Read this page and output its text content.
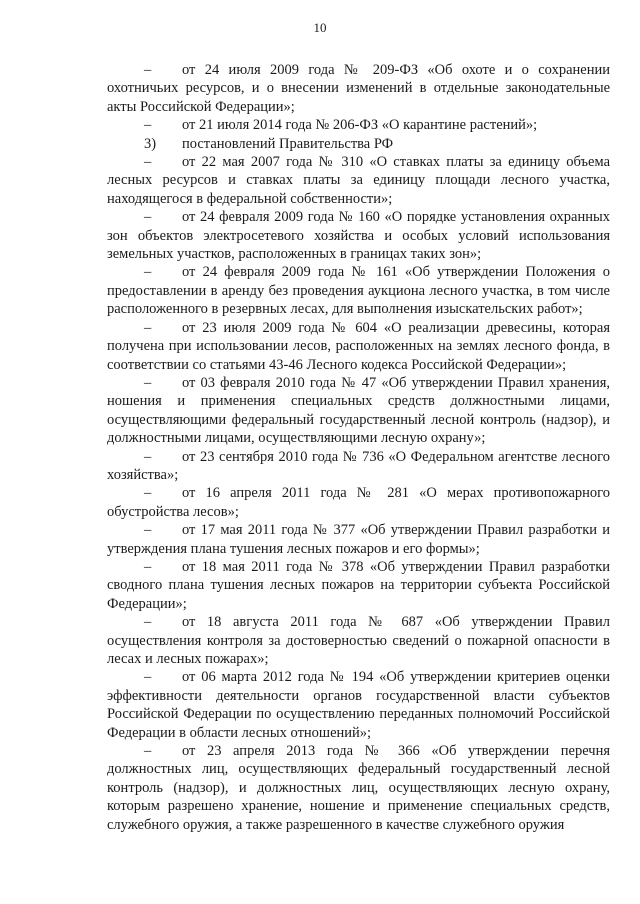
10

– от 24 июля 2009 года № 209-ФЗ «Об охоте и о сохранении охотничьих ресурсов, и о внесении изменений в отдельные законодательные акты Российской Федерации»;

– от 21 июля 2014 года № 206-ФЗ «О карантине растений»;

3) постановлений Правительства РФ

– от 22 мая 2007 года № 310 «О ставках платы за единицу объема лесных ресурсов и ставках платы за единицу площади лесного участка, находящегося в федеральной собственности»;

– от 24 февраля 2009 года № 160 «О порядке установления охранных зон объектов электросетевого хозяйства и особых условий использования земельных участков, расположенных в границах таких зон»;

– от 24 февраля 2009 года № 161 «Об утверждении Положения о предоставлении в аренду без проведения аукциона лесного участка, в том числе расположенного в резервных лесах, для выполнения изыскательских работ»;

– от 23 июля 2009 года № 604 «О реализации древесины, которая получена при использовании лесов, расположенных на землях лесного фонда, в соответствии со статьями 43-46 Лесного кодекса Российской Федерации»;

– от 03 февраля 2010 года № 47 «Об утверждении Правил хранения, ношения и применения специальных средств должностными лицами, осуществляющими федеральный государственный лесной контроль (надзор), и должностными лицами, осуществляющими лесную охрану»;

– от 23 сентября 2010 года № 736 «О Федеральном агентстве лесного хозяйства»;

– от 16 апреля 2011 года № 281 «О мерах противопожарного обустройства лесов»;

– от 17 мая 2011 года № 377 «Об утверждении Правил разработки и утверждения плана тушения лесных пожаров и его формы»;

– от 18 мая 2011 года № 378 «Об утверждении Правил разработки сводного плана тушения лесных пожаров на территории субъекта Российской Федерации»;

– от 18 августа 2011 года № 687 «Об утверждении Правил осуществления контроля за достоверностью сведений о пожарной опасности в лесах и лесных пожарах»;

– от 06 марта 2012 года № 194 «Об утверждении критериев оценки эффективности деятельности органов государственной власти субъектов Российской Федерации по осуществлению переданных полномочий Российской Федерации в области лесных отношений»;

– от 23 апреля 2013 года № 366 «Об утверждении перечня должностных лиц, осуществляющих федеральный государственный лесной контроль (надзор), и должностных лиц, осуществляющих лесную охрану, которым разрешено хранение, ношение и применение специальных средств, служебного оружия, а также разрешенного в качестве служебного оружия
